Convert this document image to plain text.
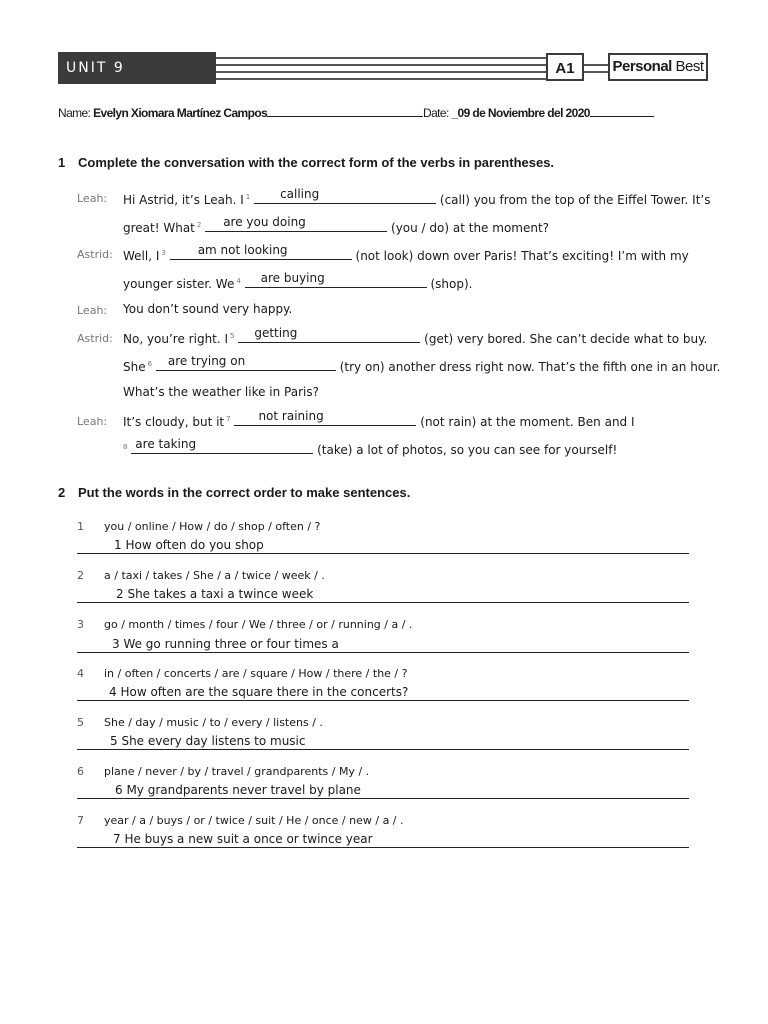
UNIT 9 GRAMMAR
A1	Personal Best
Name: Evelyn Xiomara Martínez Campos	Date: _09 de Noviembre del 2020
1 Complete the conversation with the correct form of the verbs in parentheses.
Leah: Hi Astrid, it’s Leah. I $^1$ calling	(call) you from the top of the Eiffel Tower. It’s
great! What $^2$ are you doing	(you / do) at the moment?
Astrid: Well, I $^3$	am not looking	(not look) down over Paris! That’s exciting! I’m with my
younger sister. We $^4$ are buying	(shop).
Leah: You don’t sound very happy.
Astrid: No, you’re right. I $^5$ getting	(get) very bored. She can’t decide what to buy.
She $^6$ are trying on	(try on) another dress right now. That’s the fifth one in an hour.
What’s the weather like in Paris?
Leah: It’s cloudy, but it $^7$ not raining	(not rain) at the moment. Ben and I
$^8$ are taking	(take) a lot of photos, so you can see for yourself!
2 Put the words in the correct order to make sentences.
1 you / online / How / do / shop / often / ?
1 How often do you shop
2 a / taxi / takes / She / a / twice / week / .
2 She takes a taxi a twince week
3 go / month / times / four / We / three / or / running / a / .
3 We go running three or four times a
4 in / often / concerts / are / square / How / there / the / ?
4 How often are the square there in the concerts?
5 She / day / music / to / every / listens / .
5 She every day listens to music
6 plane / never / by / travel / grandparents / My / .
6 My grandparents never travel by plane
7 year / a / buys / or / twice / suit / He / once / new / a / .
7 He buys a new suit a once or twince year
